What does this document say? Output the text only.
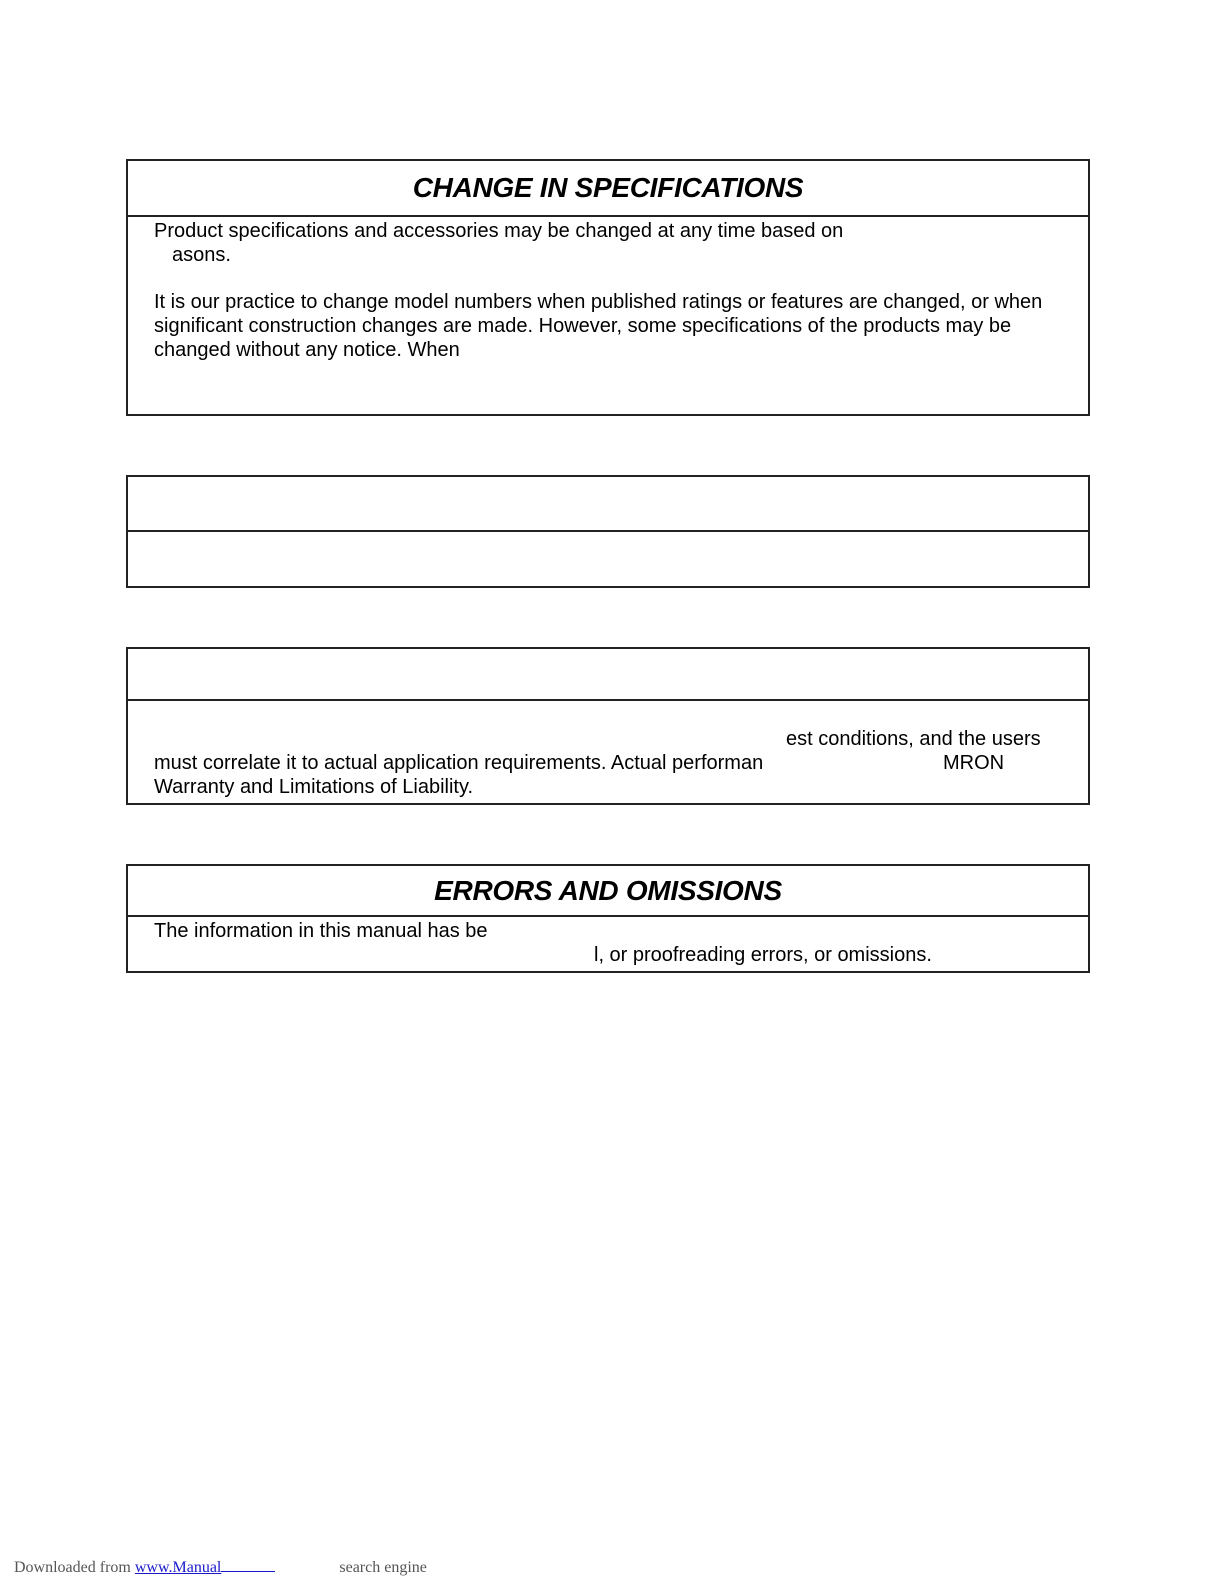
CHANGE IN SPECIFICATIONS
Product specifications and accessories may be changed at any time based on
asons.
It is our practice to change model numbers when published ratings or features are changed, or when
significant construction changes are made. However, some specifications of the products may be
changed without any notice. When
est conditions, and the users
must correlate it to actual application requirements. Actual performan	MRON
Warranty and Limitations of Liability.
ERRORS AND OMISSIONS
The information in this manual has be
l, or proofreading errors, or omissions.

Downloaded from www.Manual	search engine
